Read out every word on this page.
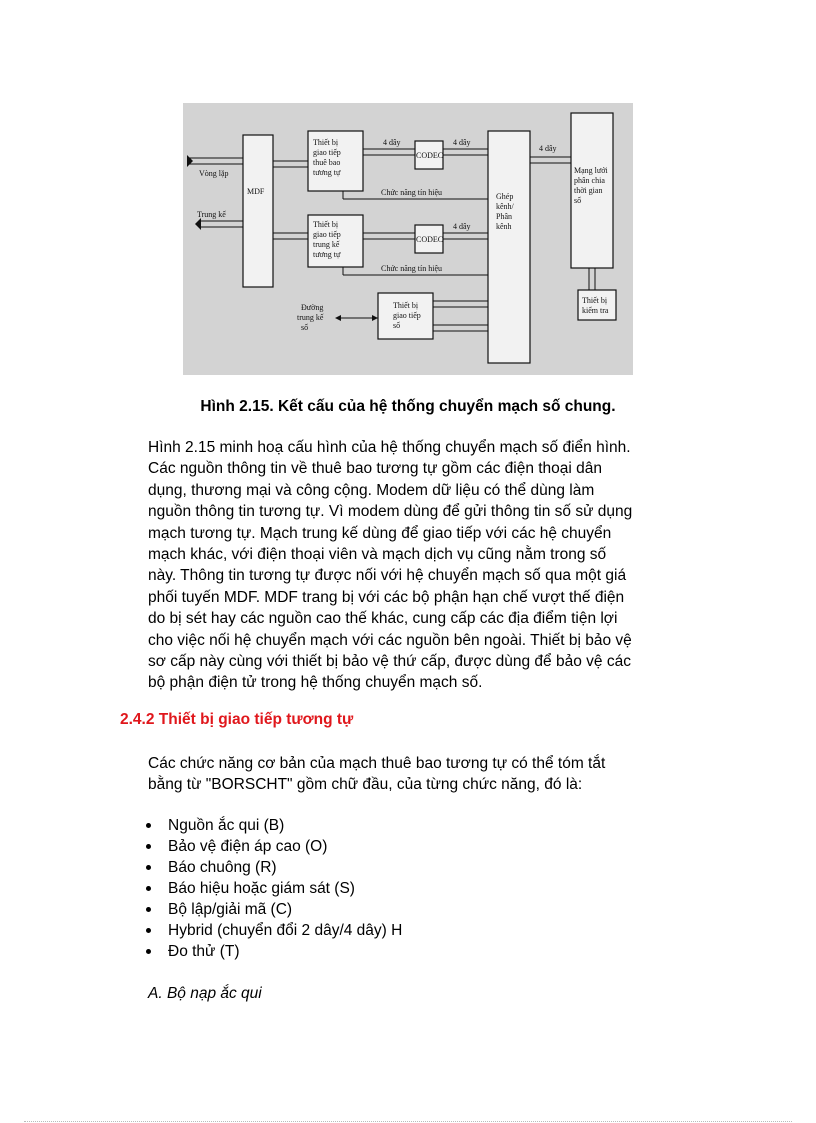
Vòng lặp
Trung kế
MDF
Thiết bị
giao tiếp
thuê bao
tương tự
Thiết bị
giao tiếp
trung kế
tương tự
CODEC
CODEC
4 dây	4 dây
4 dây
Chức năng tín hiệu
Chức năng tín hiệu
Ghép
kênh/
Phân
kênh
4 dây
Mạng lưới
phân chia
thời gian
số
Thiết bị
kiểm tra
Thiết bị
giao tiếp
số
Đường
trung kế
số

Hình 2.15. Kết cấu của hệ thống chuyển mạch số chung.

Hình 2.15 minh hoạ cấu hình của hệ thống chuyển mạch số điển hình.
Các nguồn thông tin về thuê bao tương tự gồm các điện thoại dân
dụng, thương mại và công cộng. Modem dữ liệu có thể dùng làm
nguồn thông tin tương tự. Vì modem dùng để gửi thông tin số sử dụng
mạch tương tự. Mạch trung kế dùng để giao tiếp với các hệ chuyển
mạch khác, với điện thoại viên và mạch dịch vụ cũng nằm trong số
này. Thông tin tương tự được nối với hệ chuyển mạch số qua một giá
phối tuyến MDF. MDF trang bị với các bộ phận hạn chế vượt thế điện
do bị sét hay các nguồn cao thế khác, cung cấp các địa điểm tiện lợi
cho việc nối hệ chuyển mạch với các nguồn bên ngoài. Thiết bị bảo vệ
sơ cấp này cùng với thiết bị bảo vệ thứ cấp, được dùng để bảo vệ các
bộ phận điện tử trong hệ thống chuyển mạch số.
2.4.2 Thiết bị giao tiếp tương tự
Các chức năng cơ bản của mạch thuê bao tương tự có thể tóm tắt
bằng từ "BORSCHT" gồm chữ đầu, của từng chức năng, đó là:
Nguồn ắc qui (B)
Bảo vệ điện áp cao (O)
Báo chuông (R)
Báo hiệu hoặc giám sát (S)
Bộ lập/giải mã (C)
Hybrid (chuyển đổi 2 dây/4 dây) H
Đo thử (T)

A. Bộ nạp ắc qui
